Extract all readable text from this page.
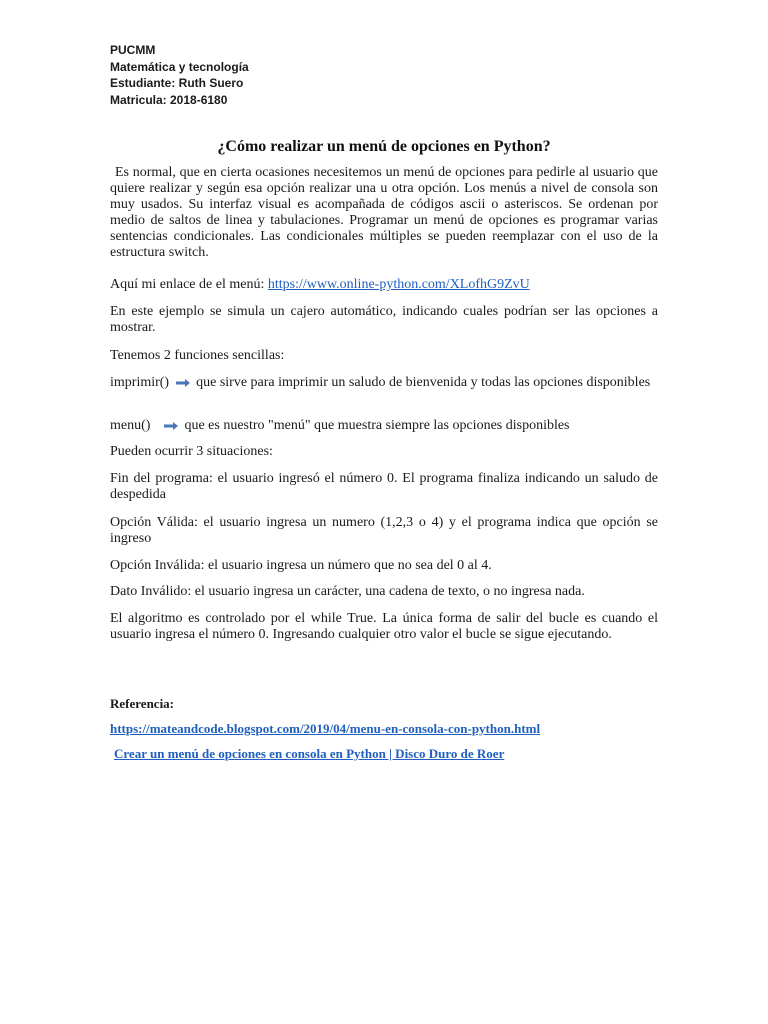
PUCMM
Matemática y tecnología
Estudiante: Ruth Suero
Matricula: 2018-6180
¿Cómo realizar un menú de opciones en Python?

Es normal, que en cierta ocasiones necesitemos un menú de opciones para pedirle al usuario que quiere realizar y según esa opción realizar una u otra opción. Los menús a nivel de consola son muy usados. Su interfaz visual es acompañada de códigos ascii o asteriscos. Se ordenan por medio de saltos de linea y tabulaciones. Programar un menú de opciones es programar varias sentencias condicionales. Las condicionales múltiples se pueden reemplazar con el uso de la estructura switch.

Aquí mi enlace de el menú: https://www.online-python.com/XLofhG9ZvU

En este ejemplo se simula un cajero automático, indicando cuales podrían ser las opciones a mostrar.

Tenemos 2 funciones sencillas:

imprimir() que sirve para imprimir un saludo de bienvenida y todas las opciones disponibles

menu() que es nuestro "menú" que muestra siempre las opciones disponibles

Pueden ocurrir 3 situaciones:

Fin del programa: el usuario ingresó el número 0. El programa finaliza indicando un saludo de despedida

Opción Válida: el usuario ingresa un numero (1,2,3 o 4) y el programa indica que opción se ingreso

Opción Inválida: el usuario ingresa un número que no sea del 0 al 4.

Dato Inválido: el usuario ingresa un carácter, una cadena de texto, o no ingresa nada.

El algoritmo es controlado por el while True. La única forma de salir del bucle es cuando el usuario ingresa el número 0. Ingresando cualquier otro valor el bucle se sigue ejecutando.

Referencia:

https://mateandcode.blogspot.com/2019/04/menu-en-consola-con-python.html

Crear un menú de opciones en consola en Python | Disco Duro de Roer
